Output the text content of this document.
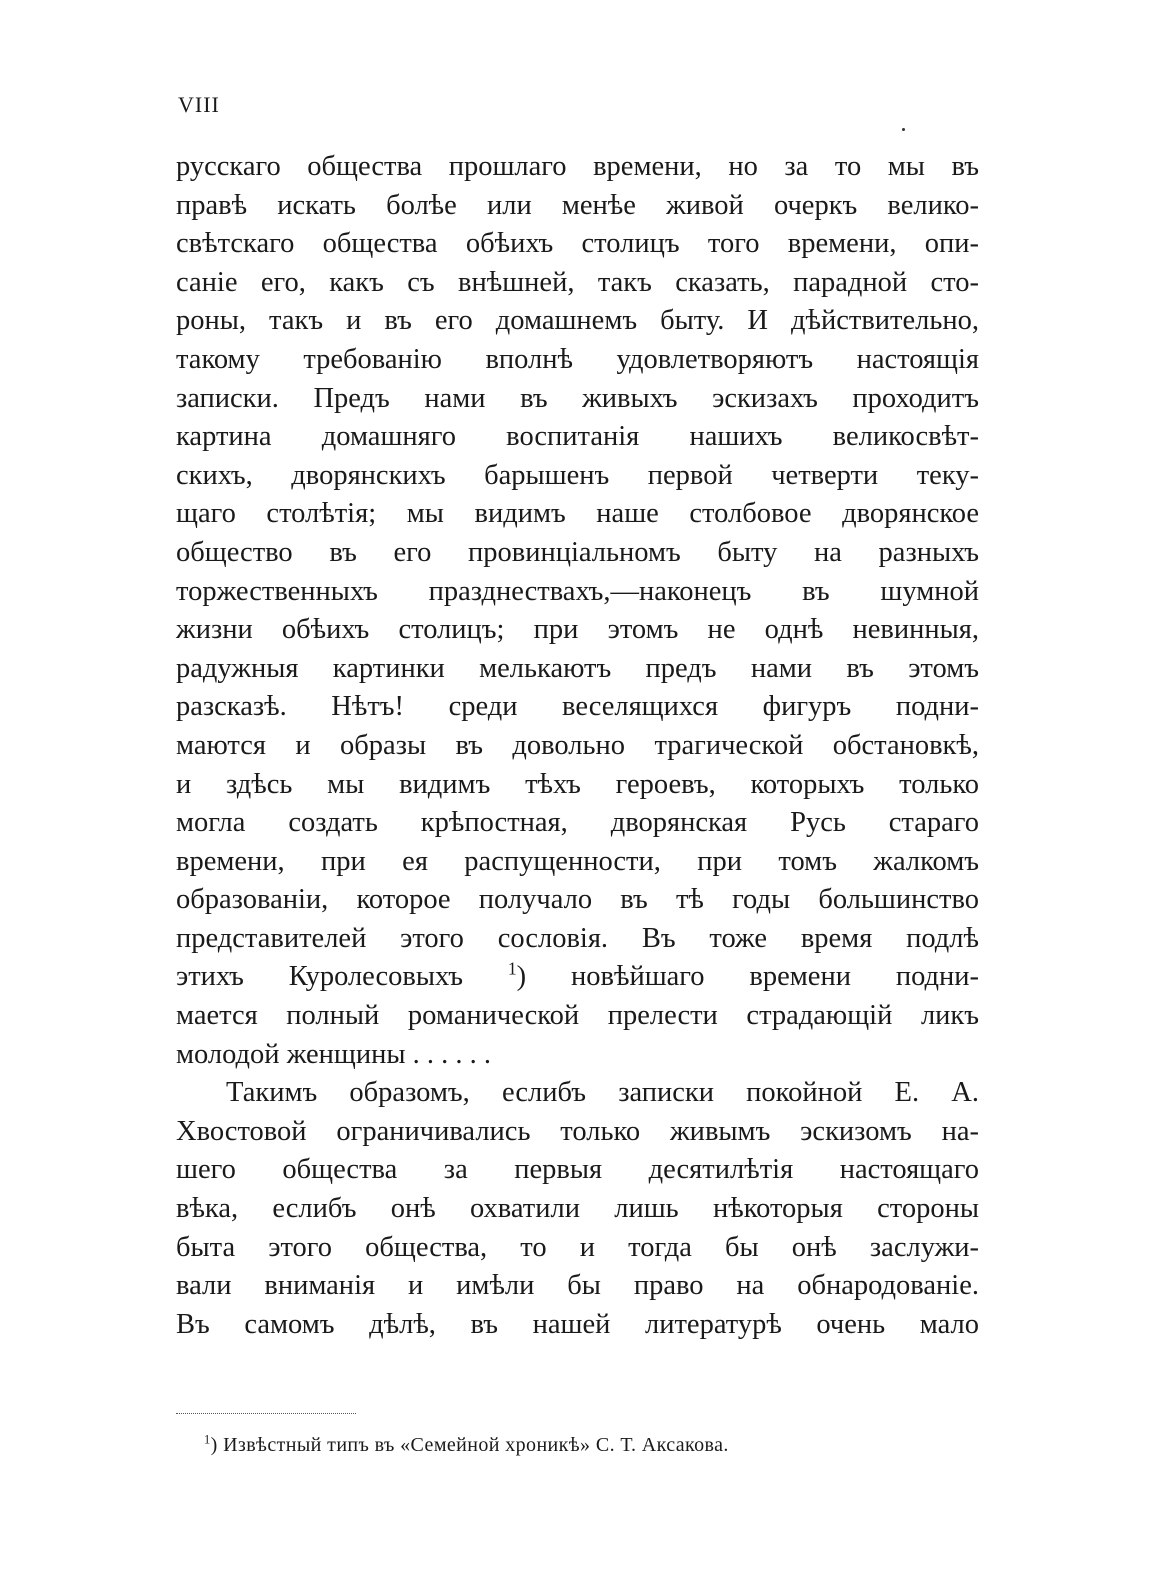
VIII
русскаго общества прошлаго времени, но за то мы въ
правѣ искать болѣе или менѣе живой очеркъ велико-
свѣтскаго общества обѣихъ столицъ того времени, опи-
саніе его, какъ съ внѣшней, такъ сказать, парадной сто-
роны, такъ и въ его домашнемъ быту. И дѣйствительно,
такому требованію вполнѣ удовлетворяютъ настоящія
записки. Предъ нами въ живыхъ эскизахъ проходитъ
картина домашняго воспитанія нашихъ великосвѣт-
скихъ, дворянскихъ барышенъ первой четверти теку-
щаго столѣтія; мы видимъ наше столбовое дворянское
общество въ его провинціальномъ быту на разныхъ
торжественныхъ празднествахъ,—наконецъ въ шумной
жизни обѣихъ столицъ; при этомъ не однѣ невинныя,
радужныя картинки мелькаютъ предъ нами въ этомъ
разсказѣ. Нѣтъ! среди веселящихся фигуръ подни-
маются и образы въ довольно трагической обстановкѣ,
и здѣсь мы видимъ тѣхъ героевъ, которыхъ только
могла создать крѣпостная, дворянская Русь стараго
времени, при ея распущенности, при томъ жалкомъ
образованіи, которое получало въ тѣ годы большинство
представителей этого сословія. Въ тоже время подлѣ
этихъ Куролесовыхъ	$^1$) новѣйшаго времени подни-
мается полный романической прелести страдающій ликъ
молодой женщины . . . . . .
Такимъ образомъ, еслибъ записки покойной Е. А.
Хвостовой ограничивались только живымъ эскизомъ на-
шего общества за первыя десятилѣтія настоящаго
вѣка, еслибъ онѣ охватили лишь нѣкоторыя стороны
быта этого общества, то и тогда бы онѣ заслужи-
вали вниманія и имѣли бы право на обнародованіе.
Въ самомъ дѣлѣ, въ нашей литературѣ очень мало
$^1$) Извѣстный типъ въ «Семейной хроникѣ» С. Т. Аксакова.
